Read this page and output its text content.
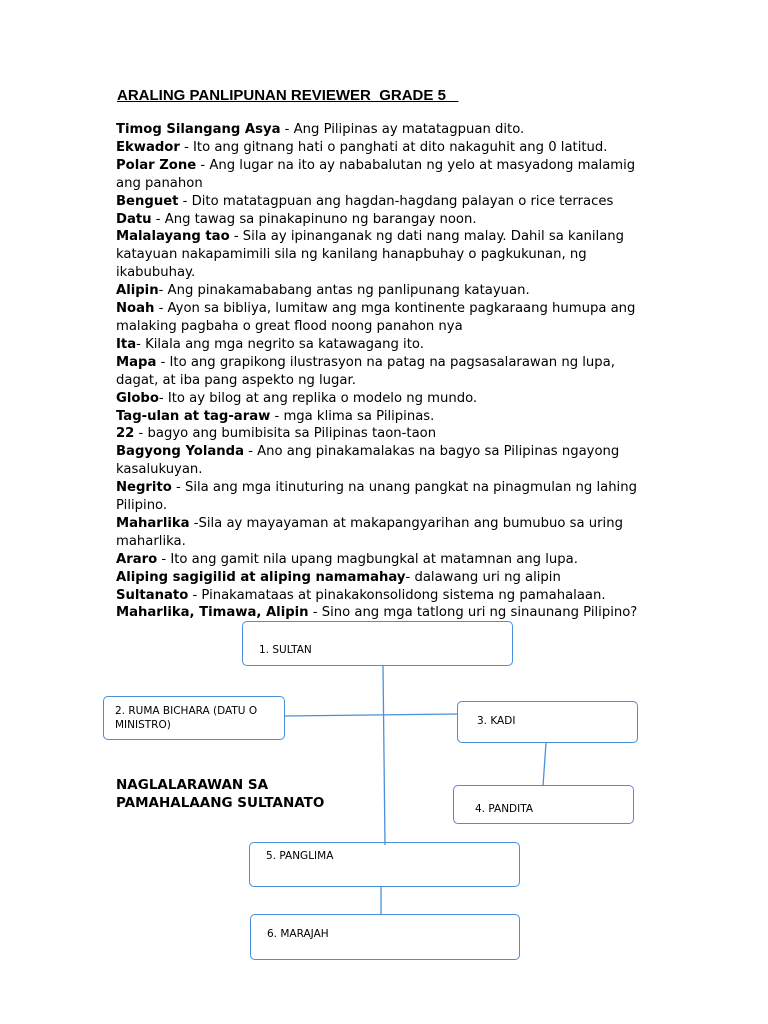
ARALING PANLIPUNAN REVIEWER  GRADE 5

Timog Silangang Asya - Ang Pilipinas ay matatagpuan dito.

Ekwador - Ito ang gitnang hati o panghati at dito nakaguhit ang 0 latitud.

Polar Zone - Ang lugar na ito ay nababalutan ng yelo at masyadong malamig ang panahon

Benguet - Dito matatagpuan ang hagdan-hagdang palayan o rice terraces

Datu - Ang tawag sa pinakapinuno ng barangay noon.

Malalayang tao - Sila ay ipinanganak ng dati nang malay. Dahil sa kanilang katayuan nakapamimili sila ng kanilang hanapbuhay o pagkukunan, ng ikabubuhay.

Alipin- Ang pinakamababang antas ng panlipunang katayuan.

Noah - Ayon sa bibliya, lumitaw ang mga kontinente pagkaraang humupa ang malaking pagbaha o great flood noong panahon nya

Ita- Kilala ang mga negrito sa katawagang ito.

Mapa - Ito ang grapikong ilustrasyon na patag na pagsasalarawan ng lupa, dagat, at iba pang aspekto ng lugar.

Globo- Ito ay bilog at ang replika o modelo ng mundo.

Tag-ulan at tag-araw - mga klima sa Pilipinas.

22 - bagyo ang bumibisita sa Pilipinas taon-taon

Bagyong Yolanda - Ano ang pinakamalakas na bagyo sa Pilipinas ngayong kasalukuyan.

Negrito - Sila ang mga itinuturing na unang pangkat na pinagmulan ng lahing Pilipino.

Maharlika -Sila ay mayayaman at makapangyarihan ang bumubuo sa uring maharlika.

Araro - Ito ang gamit nila upang magbungkal at matamnan ang lupa.

Aliping sagigilid at aliping namamahay- dalawang uri ng alipin

Sultanato - Pinakamataas at pinakakonsolidong sistema ng pamahalaan.

Maharlika, Timawa, Alipin - Sino ang mga tatlong uri ng sinaunang Pilipino?

1. SULTAN
2. RUMA BICHARA (DATU O MINISTRO)	3. KADI
4. PANDITA
5. PANGLIMA
6. MARAJAH
NAGLALARAWAN SA PAMAHALAANG SULTANATO
